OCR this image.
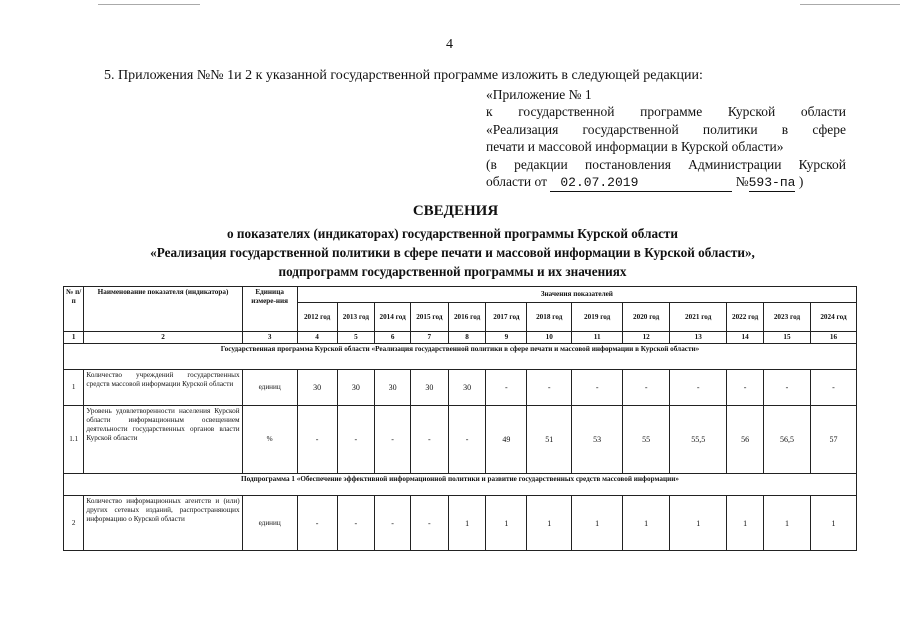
4
5. Приложения №№ 1и 2 к указанной государственной программе изложить в следующей редакции:
«Приложение № 1
к государственной программе Курской области
«Реализация государственной политики в сфере
печати и массовой информации в Курской области»
(в редакции постановления Администрации Курской
области от 02.07.2019	№593-па )
СВЕДЕНИЯ
о показателях (индикаторах) государственной программы Курской области
«Реализация государственной политики в сфере печати и массовой информации в Курской области»,
подпрограмм государственной программы и их значениях
№ п/п	Наименование показателя (индикатора)	Единица измере-ния	Значения показателей												
			2012 год	2013 год	2014 год	2015 год	2016 год	2017 год	2018 год	2019 год	2020 год	2021 год	2022 год	2023 год	2024 год
1	2	3	4	5	6	7	8	9	10	11	12	13	14	15	16
Государственная программа Курской области «Реализация государственной политики в сфере печати и массовой информации в Курской области»															
1	Количество учреждений государственных средств массовой информации Курской области	единиц	30	30	30	30	30	-	-	-	-	-	-	-	-
1.1	Уровень удовлетворенности населения Курской области информационным освещением деятельности государственных органов власти Курской области	%	-	-	-	-	-	49	51	53	55	55,5	56	56,5	57
Подпрограмма 1 «Обеспечение эффективной информационной политики и развитие государственных средств массовой информации»															
2	Количество информационных агентств и (или) других сетевых изданий, распространяющих информацию о Курской области	единиц	-	-	-	-	1	1	1	1	1	1	1	1	1
